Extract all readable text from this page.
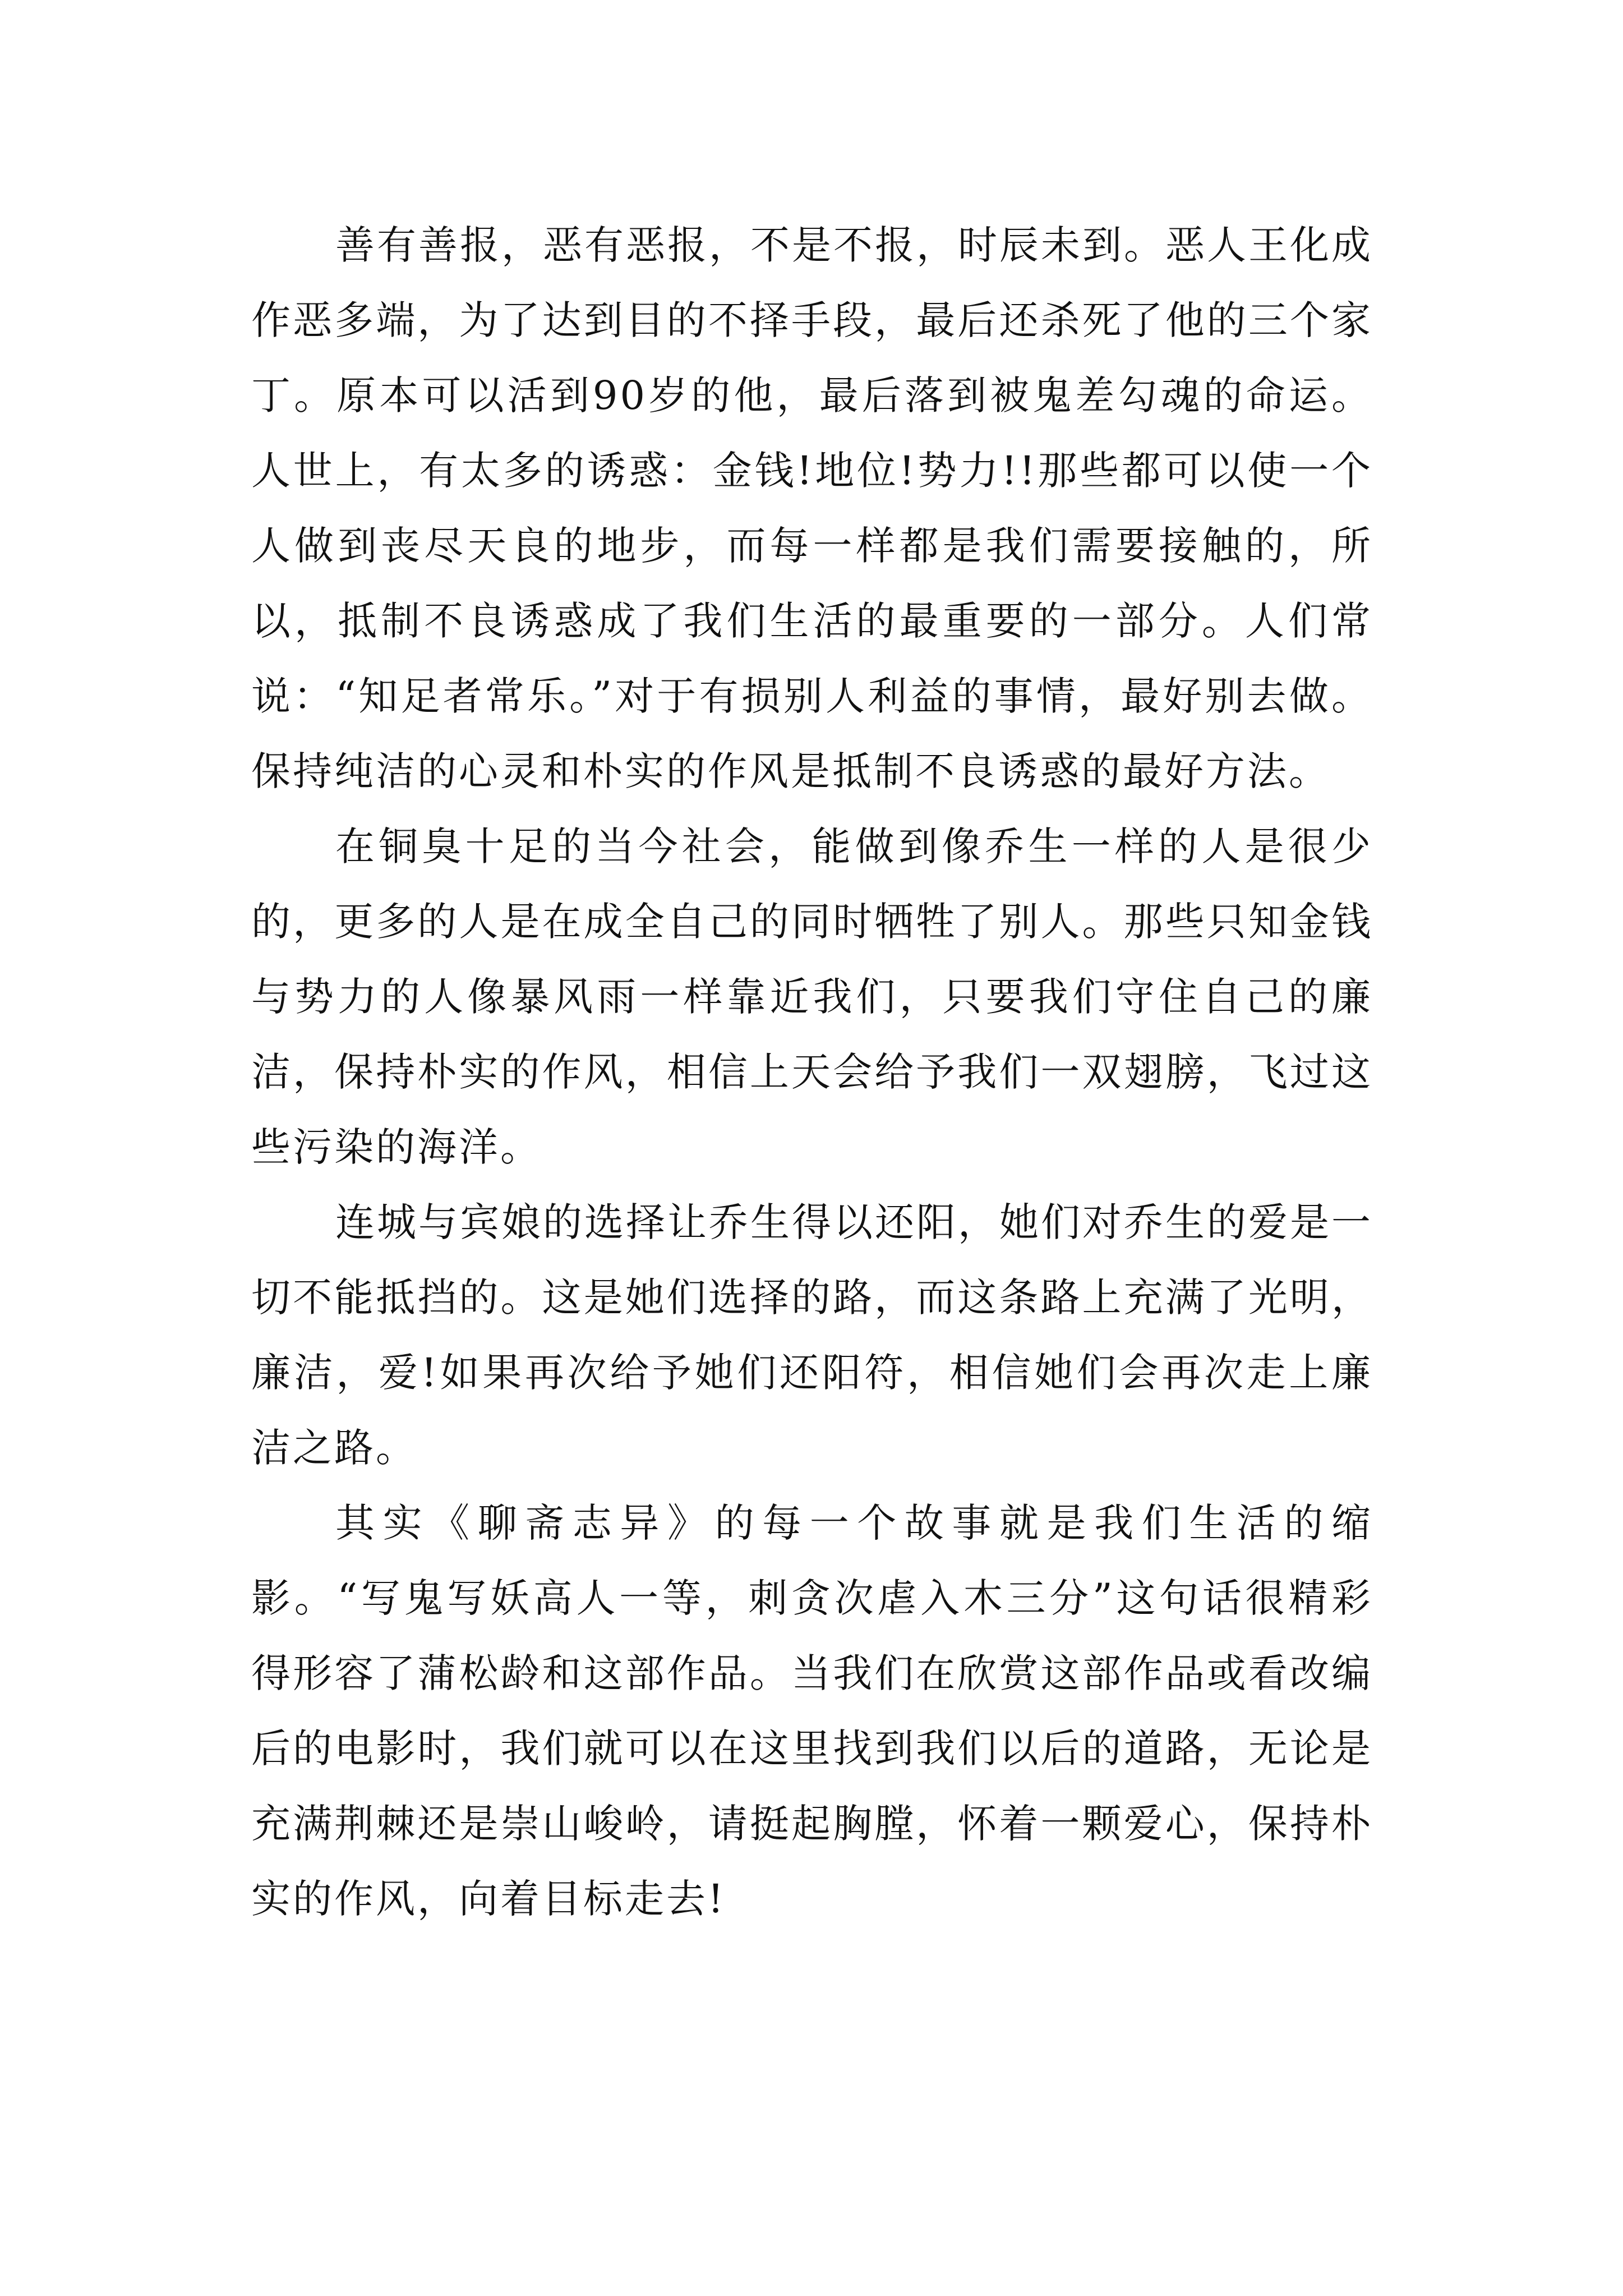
善有善报，恶有恶报，不是不报，时辰未到。恶人王化成作恶多端，为了达到目的不择手段，最后还杀死了他的三个家丁。原本可以活到90岁的他，最后落到被鬼差勾魂的命运。人世上，有太多的诱惑：金钱!地位!势力!!那些都可以使一个人做到丧尽天良的地步，而每一样都是我们需要接触的，所以，抵制不良诱惑成了我们生活的最重要的一部分。人们常说：“知足者常乐。”对于有损别人利益的事情，最好别去做。保持纯洁的心灵和朴实的作风是抵制不良诱惑的最好方法。

在铜臭十足的当今社会，能做到像乔生一样的人是很少的，更多的人是在成全自己的同时牺牲了别人。那些只知金钱与势力的人像暴风雨一样靠近我们，只要我们守住自己的廉洁，保持朴实的作风，相信上天会给予我们一双翅膀，飞过这些污染的海洋。

连城与宾娘的选择让乔生得以还阳，她们对乔生的爱是一切不能抵挡的。这是她们选择的路，而这条路上充满了光明，廉洁，爱!如果再次给予她们还阳符，相信她们会再次走上廉洁之路。

其实《聊斋志异》的每一个故事就是我们生活的缩影。“写鬼写妖高人一等，刺贪次虐入木三分”这句话很精彩得形容了蒲松龄和这部作品。当我们在欣赏这部作品或看改编后的电影时，我们就可以在这里找到我们以后的道路，无论是充满荆棘还是崇山峻岭，请挺起胸膛，怀着一颗爱心，保持朴实的作风，向着目标走去!
